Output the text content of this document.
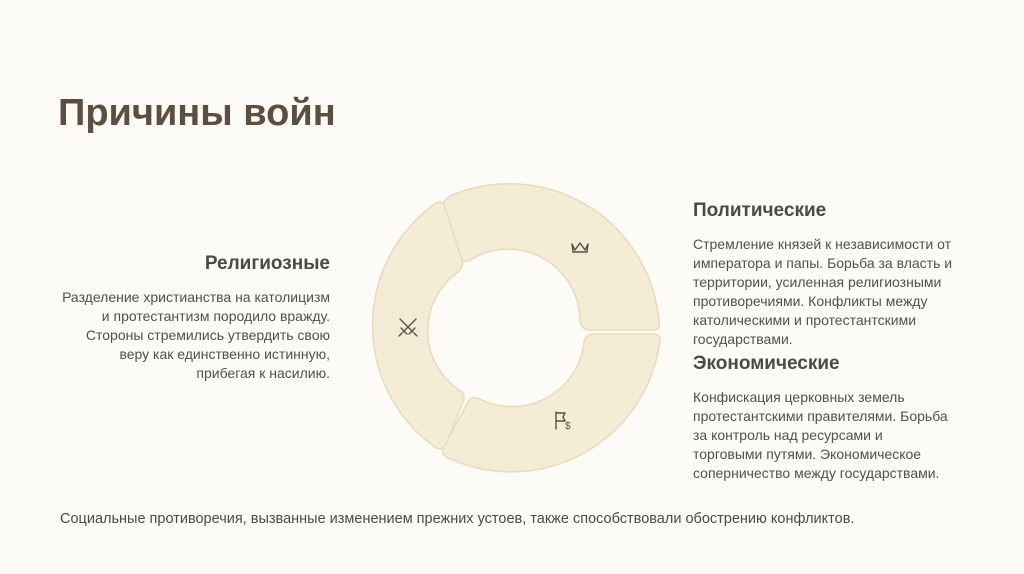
Причины войн
Религиозные

Разделение христианства на католицизм и протестантизм породило вражду. Стороны стремились утвердить свою веру как единственно истинную, прибегая к насилию.

Политические

Стремление князей к независимости от императора и папы. Борьба за власть и территории, усиленная религиозными противоречиями. Конфликты между католическими и протестантскими государствами.

Экономические

Конфискация церковных земель протестантскими правителями. Борьба за контроль над ресурсами и торговыми путями. Экономическое соперничество между государствами.

$

Социальные противоречия, вызванные изменением прежних устоев, также способствовали обострению конфликтов.
